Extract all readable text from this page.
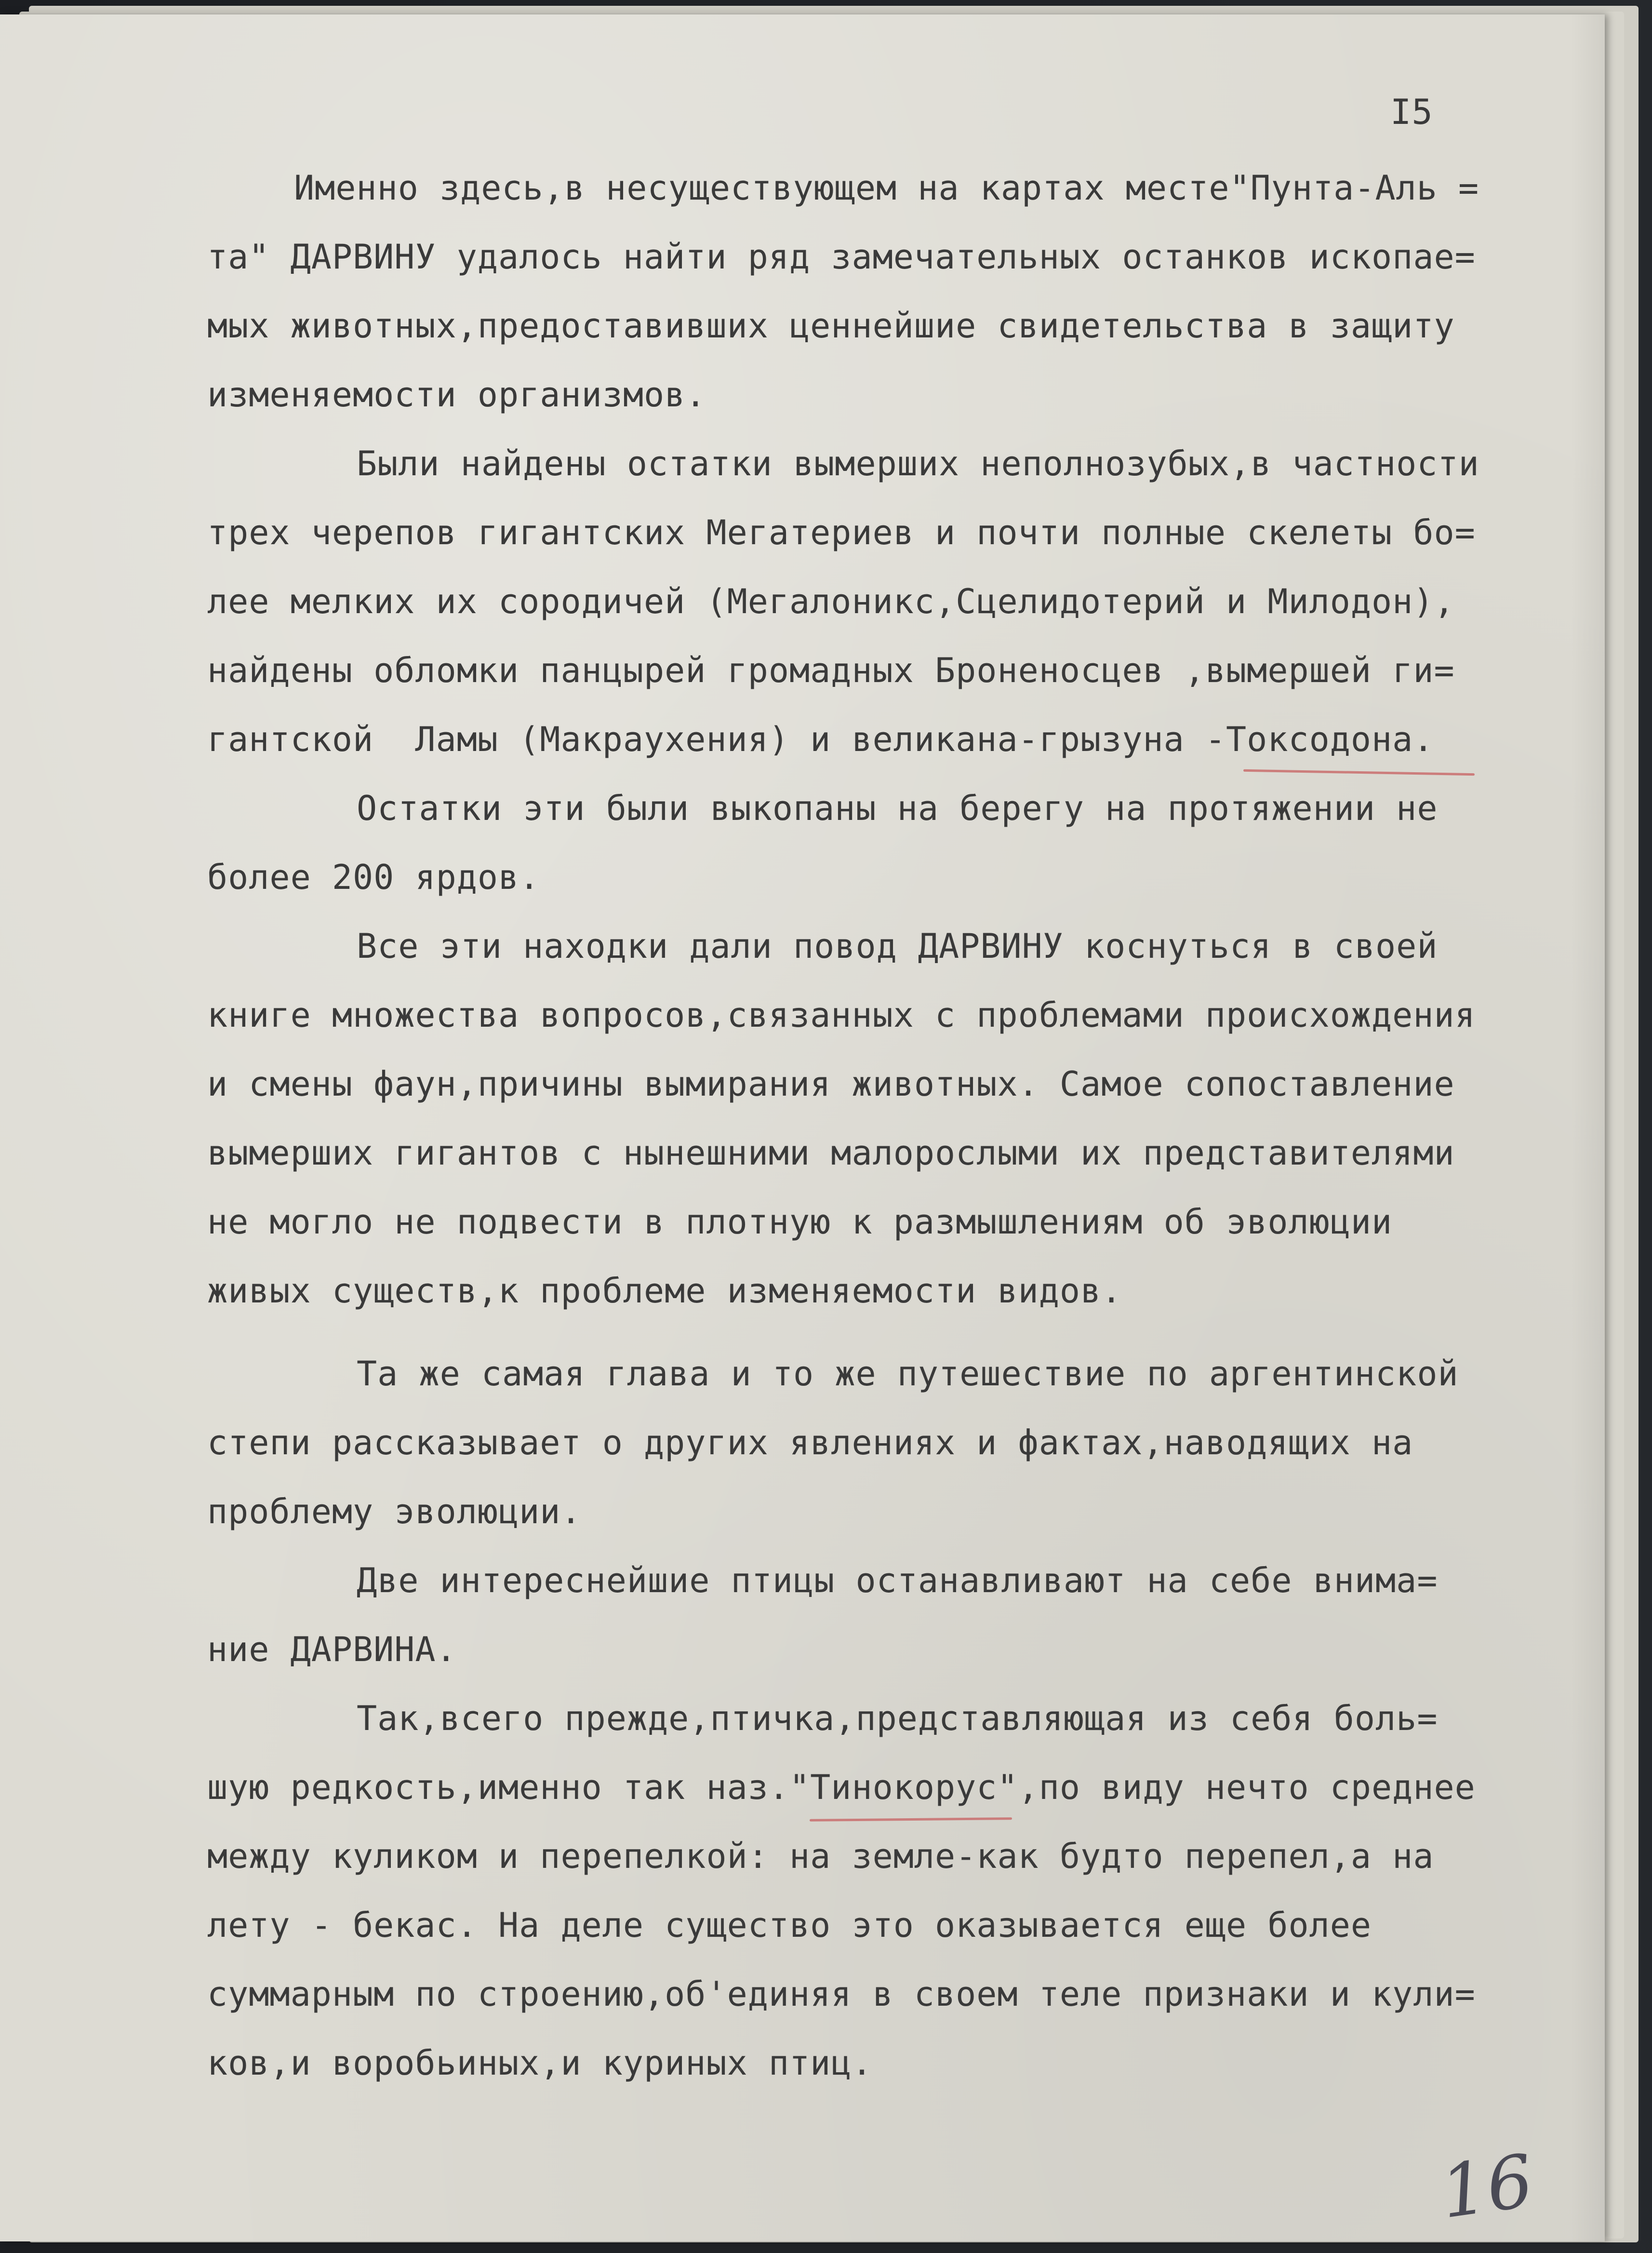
I5
Именно здесь,в несуществующем на картах месте"Пунта-Аль =
та" ДАРВИНУ удалось найти ряд замечательных останков ископае=
мых животных,предоставивших ценнейшие свидетельства в защиту
изменяемости организмов.
Были найдены остатки вымерших неполнозубых,в частности
трех черепов гигантских Мегатериев и почти полные скелеты бо=
лее мелких их сородичей (Мегалоникс,Сцелидотерий и Милодон),
найдены обломки панцырей громадных Броненосцев ,вымершей ги=
гантской  Ламы (Макраухения) и великана-грызуна -Токсодона.
Остатки эти были выкопаны на берегу на протяжении не
более 200 ярдов.
Все эти находки дали повод ДАРВИНУ коснуться в своей
книге множества вопросов,связанных с проблемами происхождения
и смены фаун,причины вымирания животных. Самое сопоставление
вымерших гигантов с нынешними малорослыми их представителями
не могло не подвести в плотную к размышлениям об эволюции
живых существ,к проблеме изменяемости видов.
Та же самая глава и то же путешествие по аргентинской
степи рассказывает о других явлениях и фактах,наводящих на
проблему эволюции.
Две интереснейшие птицы останавливают на себе внима=
ние ДАРВИНА.
Так,всего прежде,птичка,представляющая из себя боль=
шую редкость,именно так наз."Тинокорус",по виду нечто среднее
между куликом и перепелкой: на земле-как будто перепел,а на
лету - бекас. На деле существо это оказывается еще более
суммарным по строению,об'единяя в своем теле признаки и кули=
ков,и воробьиных,и куриных птиц.
16
